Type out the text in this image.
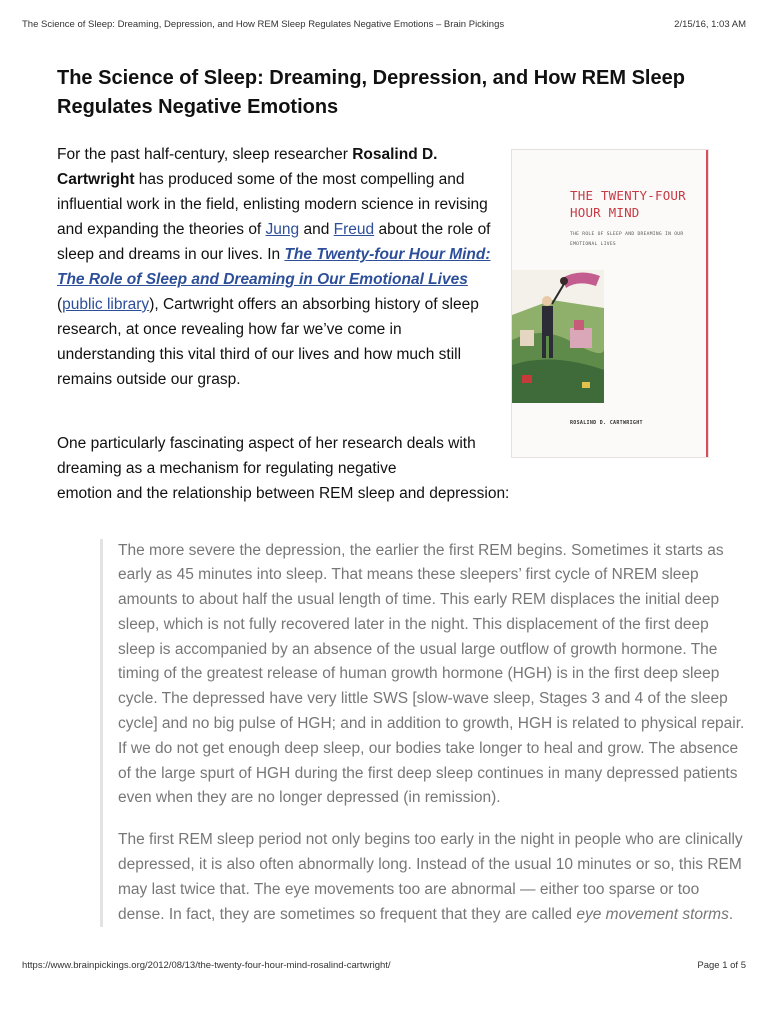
The Science of Sleep: Dreaming, Depression, and How REM Sleep Regulates Negative Emotions – Brain Pickings	2/15/16, 1:03 AM
The Science of Sleep: Dreaming, Depression, and How REM Sleep Regulates Negative Emotions

For the past half-century, sleep researcher Rosalind D. Cartwright has produced some of the most compelling and influential work in the field, enlisting modern science in revising and expanding the theories of Jung and Freud about the role of sleep and dreams in our lives. In The Twenty-four Hour Mind: The Role of Sleep and Dreaming in Our Emotional Lives (public library), Cartwright offers an absorbing history of sleep research, at once revealing how far we’ve come in understanding this vital third of our lives and how much still remains outside our grasp.

THE TWENTY-FOUR HOUR MIND
THE ROLE OF SLEEP AND DREAMING IN OUR EMOTIONAL LIVES
ROSALIND D. CARTWRIGHT

One particularly fascinating aspect of her research deals with dreaming as a mechanism for regulating negative
emotion and the relationship between REM sleep and depression:

The more severe the depression, the earlier the first REM begins. Sometimes it starts as early as 45 minutes into sleep. That means these sleepers’ first cycle of NREM sleep amounts to about half the usual length of time. This early REM displaces the initial deep sleep, which is not fully recovered later in the night. This displacement of the first deep sleep is accompanied by an absence of the usual large outflow of growth hormone. The timing of the greatest release of human growth hormone (HGH) is in the first deep sleep cycle. The depressed have very little SWS [slow-wave sleep, Stages 3 and 4 of the sleep cycle] and no big pulse of HGH; and in addition to growth, HGH is related to physical repair. If we do not get enough deep sleep, our bodies take longer to heal and grow. The absence of the large spurt of HGH during the first deep sleep continues in many depressed patients even when they are no longer depressed (in remission).

The first REM sleep period not only begins too early in the night in people who are clinically depressed, it is also often abnormally long. Instead of the usual 10 minutes or so, this REM may last twice that. The eye movements too are abnormal — either too sparse or too dense. In fact, they are sometimes so frequent that they are called eye movement storms.

https://www.brainpickings.org/2012/08/13/the-twenty-four-hour-mind-rosalind-cartwright/	Page 1 of 5
